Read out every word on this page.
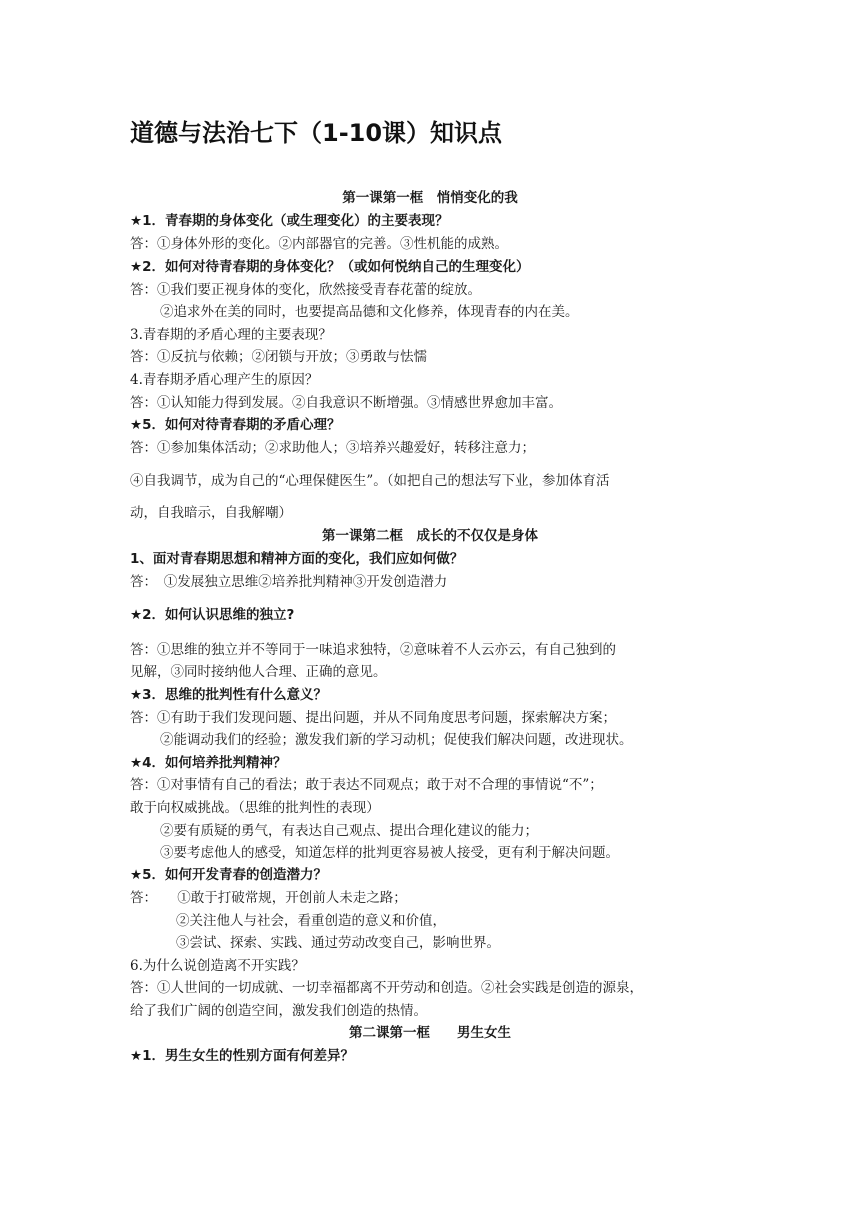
道德与法治七下（1-10课）知识点
第一课第一框　悄悄变化的我
★1．青春期的身体变化（或生理变化）的主要表现？
答：①身体外形的变化。②内部器官的完善。③性机能的成熟。
★2．如何对待青春期的身体变化？（或如何悦纳自己的生理变化）
答：①我们要正视身体的变化，欣然接受青春花蕾的绽放。
②追求外在美的同时，也要提高品德和文化修养，体现青春的内在美。
3.青春期的矛盾心理的主要表现？
答：①反抗与依赖；②闭锁与开放；③勇敢与怯懦
4.青春期矛盾心理产生的原因？
答：①认知能力得到发展。②自我意识不断增强。③情感世界愈加丰富。
★5．如何对待青春期的矛盾心理？
答：①参加集体活动；②求助他人；③培养兴趣爱好，转移注意力；
④自我调节，成为自己的“心理保健医生”。（如把自己的想法写下业，参加体育活
动，自我暗示，自我解嘲）
第一课第二框　成长的不仅仅是身体
1、面对青春期思想和精神方面的变化，我们应如何做？
答：　①发展独立思维②培养批判精神③开发创造潜力
★2．如何认识思维的独立?
答：①思维的独立并不等同于一味追求独特，②意味着不人云亦云，有自己独到的
见解，③同时接纳他人合理、正确的意见。
★3．思维的批判性有什么意义？
答：①有助于我们发现问题、提出问题，并从不同角度思考问题，探索解决方案；
②能调动我们的经验；激发我们新的学习动机；促使我们解决问题，改进现状。
★4．如何培养批判精神？
答：①对事情有自己的看法；敢于表达不同观点；敢于对不合理的事情说“不”；
敢于向权威挑战。（思维的批判性的表现）
②要有质疑的勇气，有表达自己观点、提出合理化建议的能力；
③要考虑他人的感受，知道怎样的批判更容易被人接受，更有利于解决问题。
★5．如何开发青春的创造潜力？
答：　　①敢于打破常规，开创前人未走之路；
②关注他人与社会，看重创造的意义和价值，
③尝试、探索、实践、通过劳动改变自己，影响世界。
6.为什么说创造离不开实践？
答：①人世间的一切成就、一切幸福都离不开劳动和创造。②社会实践是创造的源泉，
给了我们广阔的创造空间，激发我们创造的热情。
第二课第一框　　男生女生
★1．男生女生的性别方面有何差异？
